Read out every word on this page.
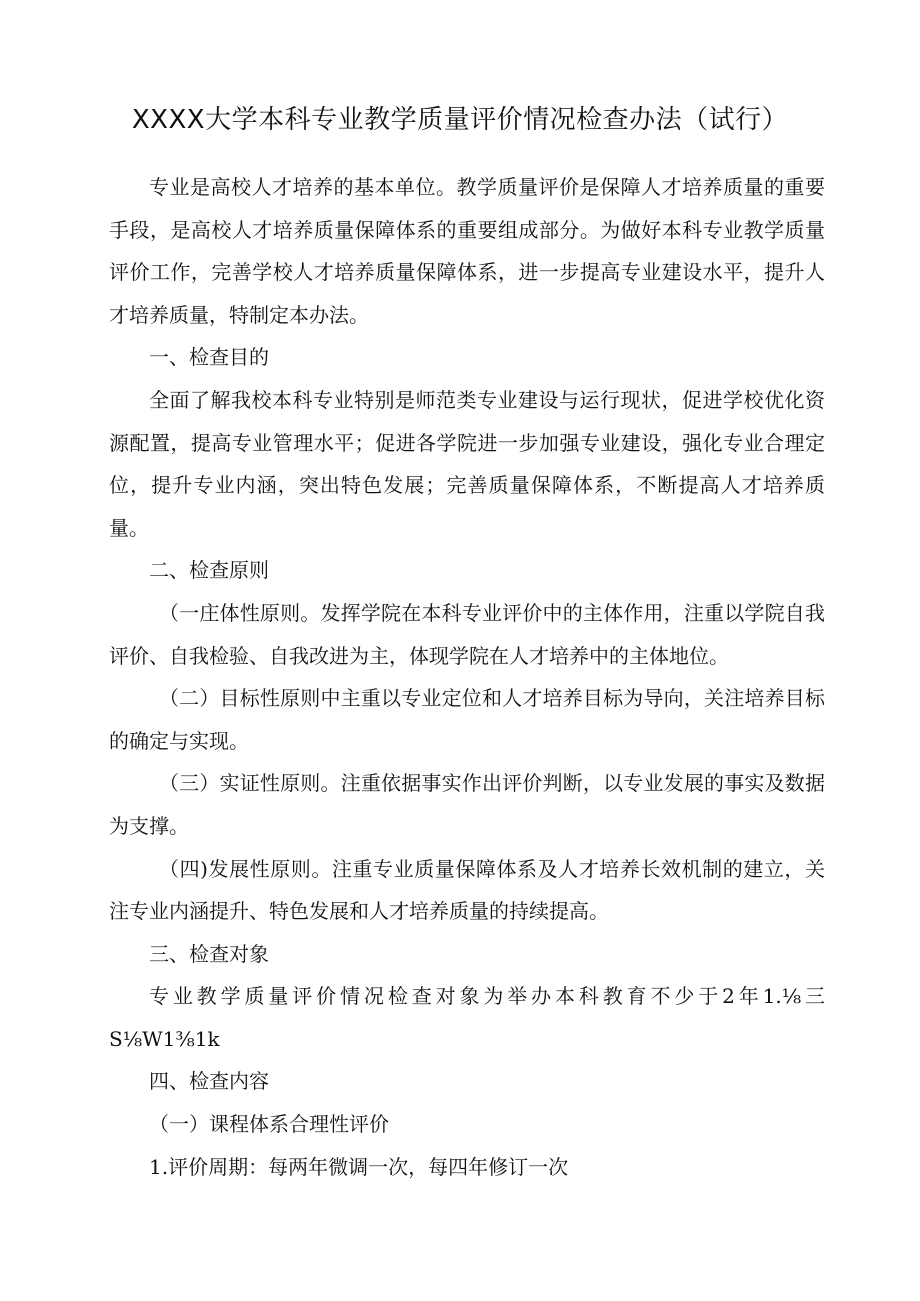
XXXX大学本科专业教学质量评价情况检查办法（试行）

专业是高校人才培养的基本单位。教学质量评价是保障人才培养质量的重要手段，是高校人才培养质量保障体系的重要组成部分。为做好本科专业教学质量评价工作，完善学校人才培养质量保障体系，进一步提高专业建设水平，提升人才培养质量，特制定本办法。

一、检查目的

全面了解我校本科专业特别是师范类专业建设与运行现状，促进学校优化资源配置，提高专业管理水平；促进各学院进一步加强专业建设，强化专业合理定位，提升专业内涵，突出特色发展；完善质量保障体系，不断提高人才培养质量。

二、检查原则

（一庄体性原则。发挥学院在本科专业评价中的主体作用，注重以学院自我评价、自我检验、自我改进为主，体现学院在人才培养中的主体地位。

（二）目标性原则中主重以专业定位和人才培养目标为导向，关注培养目标的确定与实现。

（三）实证性原则。注重依据事实作出评价判断，以专业发展的事实及数据为支撑。

（四)发展性原则。注重专业质量保障体系及人才培养长效机制的建立，关注专业内涵提升、特色发展和人才培养质量的持续提高。

三、检查对象

专业教学质量评价情况检查对象为举办本科教育不少于2年1.⅛三S⅛W1⅜1k

四、检查内容

（一）课程体系合理性评价

1.评价周期：每两年微调一次，每四年修订一次
